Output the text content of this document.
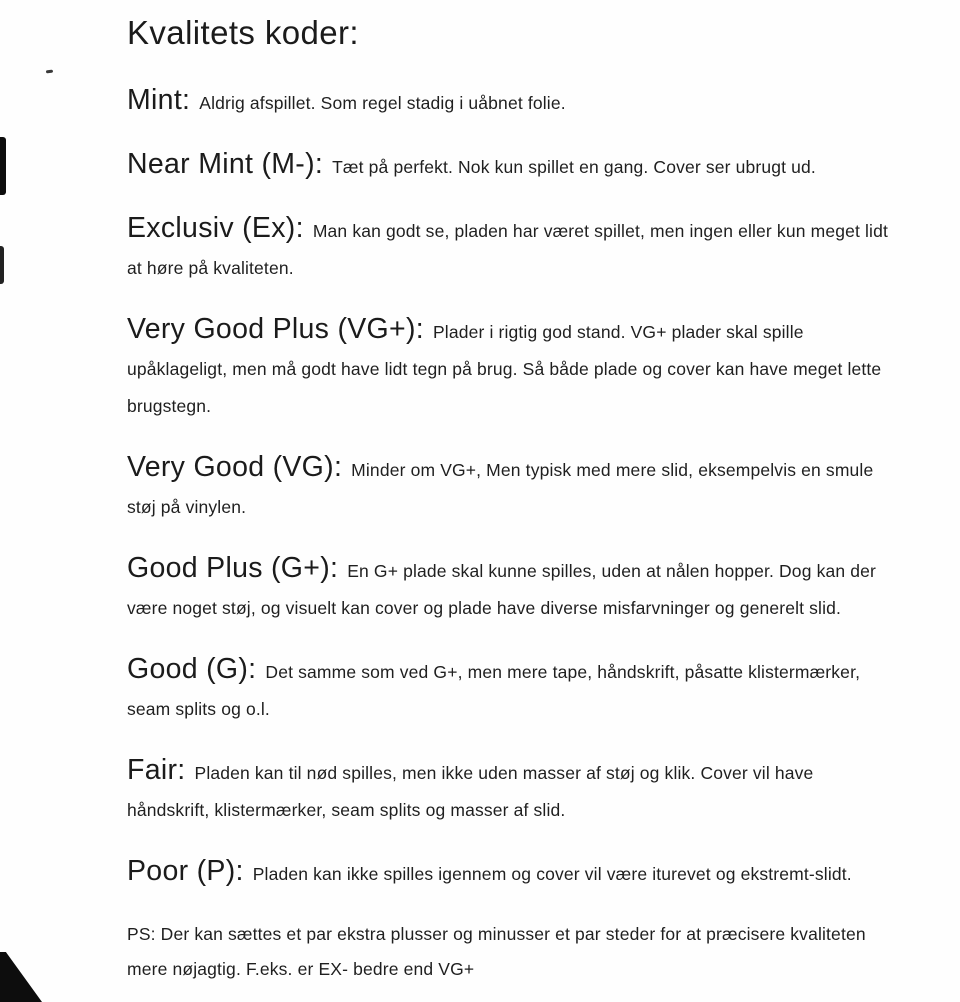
Kvalitets koder:

Mint: Aldrig afspillet. Som regel stadig i uåbnet folie.

Near Mint (M-): Tæt på perfekt. Nok kun spillet en gang. Cover ser ubrugt ud.

Exclusiv (Ex): Man kan godt se, pladen har været spillet, men ingen eller kun meget lidt at høre på kvaliteten.

Very Good Plus (VG+): Plader i rigtig god stand. VG+ plader skal spille upåklageligt, men må godt have lidt tegn på brug. Så både plade og cover kan have meget lette brugstegn.

Very Good (VG): Minder om VG+, Men typisk med mere slid, eksempelvis en smule støj på vinylen.

Good Plus (G+): En G+ plade skal kunne spilles, uden at nålen hopper. Dog kan der være noget støj, og visuelt kan cover og plade have diverse misfarvninger og generelt slid.

Good (G): Det samme som ved G+, men mere tape, håndskrift, påsatte klistermærker, seam splits og o.l.

Fair: Pladen kan til nød spilles, men ikke uden masser af støj og klik. Cover vil have håndskrift, klistermærker, seam splits og masser af slid.

Poor (P): Pladen kan ikke spilles igennem og cover vil være iturevet og ekstremt-slidt.

PS: Der kan sættes et par ekstra plusser og minusser et par steder for at præcisere kvaliteten mere nøjagtig. F.eks. er EX- bedre end VG+
